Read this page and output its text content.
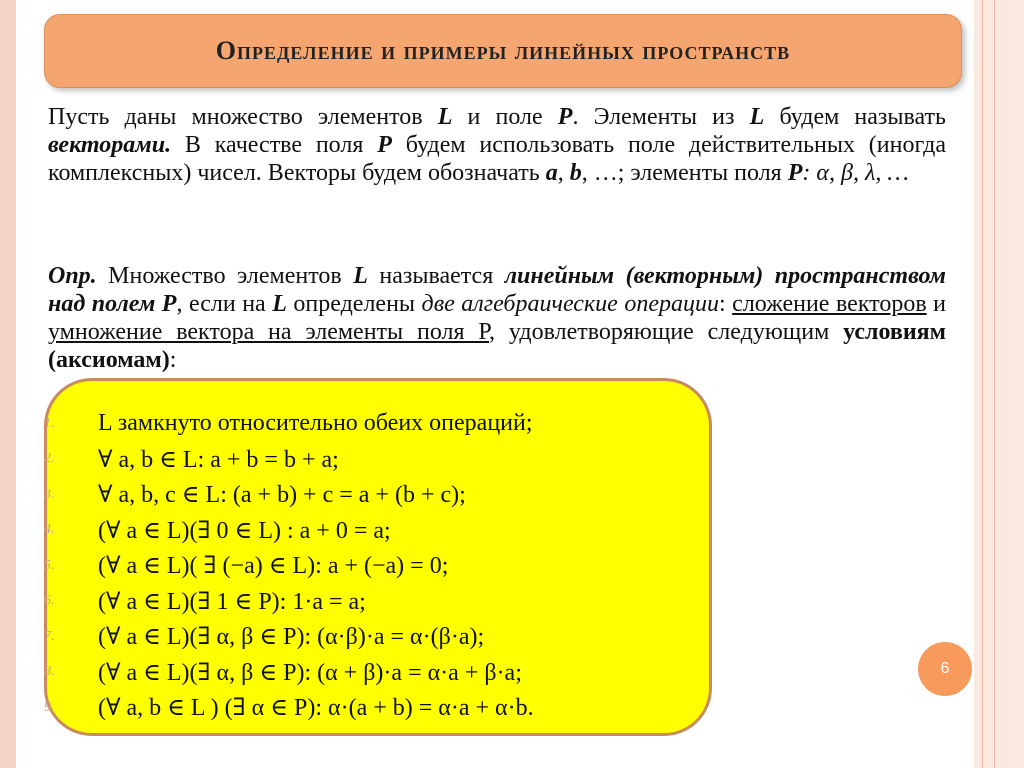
Определение и примеры линейных пространств

Пусть даны множество элементов L и поле P. Элементы из L будем называть векторами. В качестве поля P будем использовать поле действительных (иногда комплексных) чисел. Векторы будем обозначать a, b, …; элементы поля P: α, β, λ, …

Опр. Множество элементов L называется линейным (векторным) пространством над полем P, если на L определены две алгебраические операции: сложение векторов и умножение вектора на элементы поля P, удовлетворяющие следующим условиям (аксиомам):

1.	L замкнуто относительно обеих операций;
2.	∀ a, b ∈ L: a + b = b + a;
3.	∀ a, b, c ∈ L: (a + b) + c = a + (b + c);
4.	(∀ a ∈ L)(∃ 0 ∈ L) : a + 0 = a;
5.	(∀ a ∈ L)( ∃ (−a) ∈ L): a + (−a) = 0;
6.	(∀ a ∈ L)(∃ 1 ∈ P): 1·a = a;
7.	(∀ a ∈ L)(∃ α, β ∈ P): (α·β)·a = α·(β·a);
8.	(∀ a ∈ L)(∃ α, β ∈ P): (α + β)·a = α·a + β·a;
9.	(∀ a, b ∈ L ) (∃ α ∈ P): α·(a + b) = α·a + α·b.
6
